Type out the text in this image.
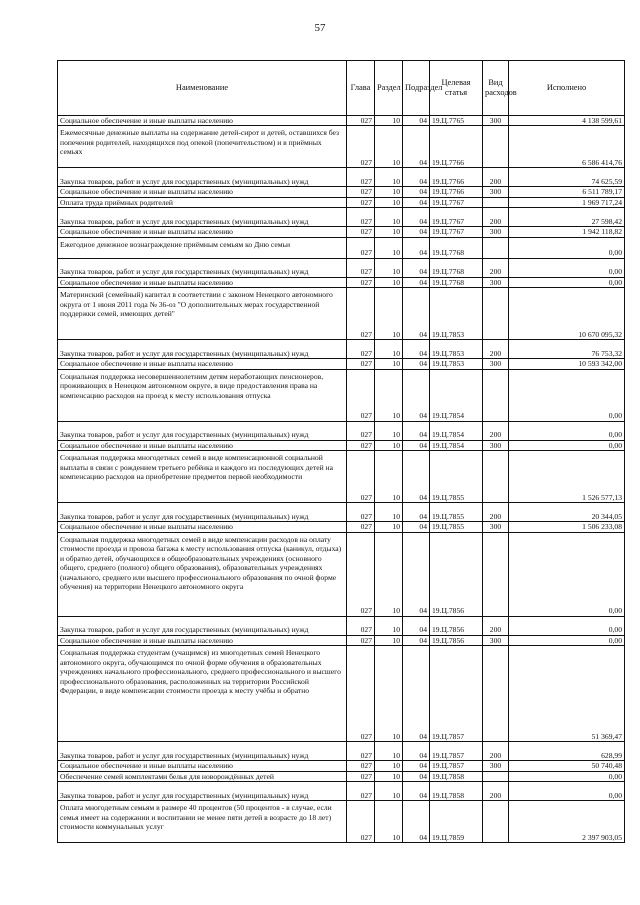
57
Наименование	Глава	Раздел	Подраздел	Целевая статья	Вид расходов	Исполнено
Социальное обеспечение и иные выплаты населению	027	10	04	19.Ц.7765	300	4 138 599,61
Ежемесячные денежные выплаты на содержание детей-сирот и детей, оставшихся без попечения родителей, находящихся под опекой (попечительством) и в приёмных семьях	027	10	04	19.Ц.7766		6 586 414,76
Закупка товаров, работ и услуг для государственных (муниципальных) нужд	027	10	04	19.Ц.7766	200	74 625,59
Социальное обеспечение и иные выплаты населению	027	10	04	19.Ц.7766	300	6 511 789,17
Оплата труда приёмных родителей	027	10	04	19.Ц.7767		1 969 717,24
Закупка товаров, работ и услуг для государственных (муниципальных) нужд	027	10	04	19.Ц.7767	200	27 598,42
Социальное обеспечение и иные выплаты населению	027	10	04	19.Ц.7767	300	1 942 118,82
Ежегодное денежное вознаграждение приёмным семьям ко Дню семьи	027	10	04	19.Ц.7768		0,00
Закупка товаров, работ и услуг для государственных (муниципальных) нужд	027	10	04	19.Ц.7768	200	0,00
Социальное обеспечение и иные выплаты населению	027	10	04	19.Ц.7768	300	0,00
Материнский (семейный) капитал в соответствии с законом Ненецкого автономного округа от 1 июня 2011 года № 36-оз "О дополнительных мерах государственной поддержки семей, имеющих детей"	027	10	04	19.Ц.7853		10 670 095,32
Закупка товаров, работ и услуг для государственных (муниципальных) нужд	027	10	04	19.Ц.7853	200	76 753,32
Социальное обеспечение и иные выплаты населению	027	10	04	19.Ц.7853	300	10 593 342,00
Социальная поддержка несовершеннолетним детям неработающих пенсионеров, проживающих в Ненецком автономном округе, в виде предоставления права на компенсацию расходов на проезд к месту использования отпуска	027	10	04	19.Ц.7854		0,00
Закупка товаров, работ и услуг для государственных (муниципальных) нужд	027	10	04	19.Ц.7854	200	0,00
Социальное обеспечение и иные выплаты населению	027	10	04	19.Ц.7854	300	0,00
Социальная поддержка многодетных семей в виде компенсационной социальной выплаты в связи с рождением третьего ребёнка и каждого из последующих детей на компенсацию расходов на приобретение предметов первой необходимости	027	10	04	19.Ц.7855		1 526 577,13
Закупка товаров, работ и услуг для государственных (муниципальных) нужд	027	10	04	19.Ц.7855	200	20 344,05
Социальное обеспечение и иные выплаты населению	027	10	04	19.Ц.7855	300	1 506 233,08
Социальная поддержка многодетных семей в виде компенсации расходов на оплату стоимости проезда и провоза багажа к месту использования отпуска (каникул, отдыха) и обратно детей, обучающихся в общеобразовательных учреждениях (основного общего, среднего (полного) общего образования), образовательных учреждениях (начального, среднего или высшего профессионального образования по очной форме обучения) на территории Ненецкого автономного округа	027	10	04	19.Ц.7856		0,00
Закупка товаров, работ и услуг для государственных (муниципальных) нужд	027	10	04	19.Ц.7856	200	0,00
Социальное обеспечение и иные выплаты населению	027	10	04	19.Ц.7856	300	0,00
Социальная поддержка студентам (учащимся) из многодетных семей Ненецкого автономного округа, обучающимся по очной форме обучения в образовательных учреждениях начального профессионального, среднего профессионального и высшего профессионального образования, расположенных на территории Российской Федерации, в виде компенсации стоимости проезда к месту учёбы и обратно	027	10	04	19.Ц.7857		51 369,47
Закупка товаров, работ и услуг для государственных (муниципальных) нужд	027	10	04	19.Ц.7857	200	628,99
Социальное обеспечение и иные выплаты населению	027	10	04	19.Ц.7857	300	50 740,48
Обеспечение семей комплектами белья для новорождённых детей	027	10	04	19.Ц.7858		0,00
Закупка товаров, работ и услуг для государственных (муниципальных) нужд	027	10	04	19.Ц.7858	200	0,00
Оплата многодетным семьям в размере 40 процентов (50 процентов - в случае, если семья имеет на содержании и воспитании не менее пяти детей в возрасте до 18 лет) стоимости коммунальных услуг	027	10	04	19.Ц.7859		2 397 903,05
